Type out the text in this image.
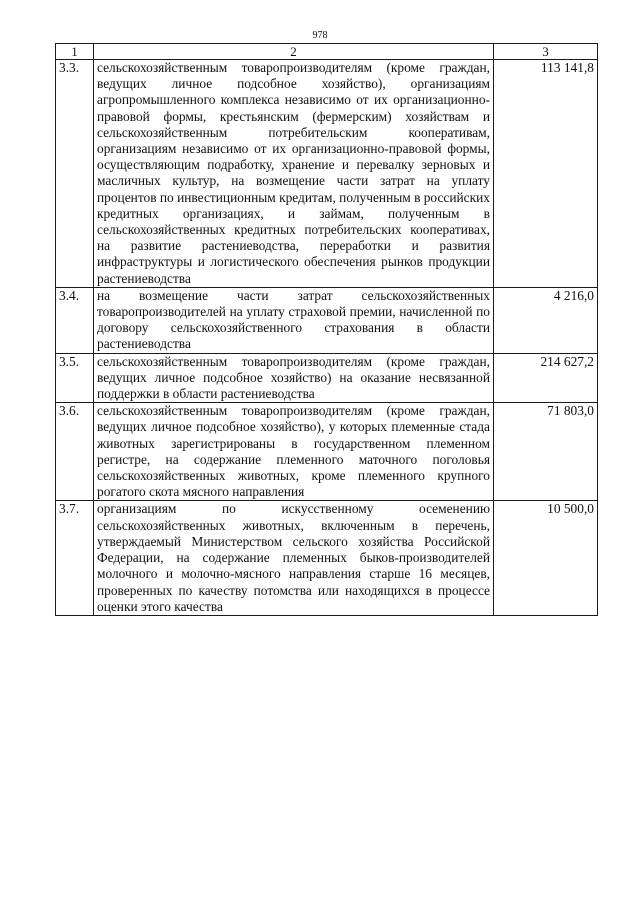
978
1	2	3
3.3.	сельскохозяйственным товаропроизводителям (кроме граждан, ведущих личное подсобное хозяйство), организациям агропромышленного комплекса независимо от их организационно-правовой формы, крестьянским (фермерским) хозяйствам и сельскохозяйственным потребительским кооперативам, организациям независимо от их организационно-правовой формы, осуществляющим подработку, хранение и перевалку зерновых и масличных культур, на возмещение части затрат на уплату процентов по инвестиционным кредитам, полученным в российских кредитных организациях, и займам, полученным в сельскохозяйственных кредитных потребительских кооперативах, на развитие растениеводства, переработки и развития инфраструктуры и логистического обеспечения рынков продукции растениеводства	113 141,8
3.4.	на возмещение части затрат сельскохозяйственных товаропроизводителей на уплату страховой премии, начисленной по договору сельскохозяйственного страхования в области растениеводства	4 216,0
3.5.	сельскохозяйственным товаропроизводителям (кроме граждан, ведущих личное подсобное хозяйство) на оказание несвязанной поддержки в области растениеводства	214 627,2
3.6.	сельскохозяйственным товаропроизводителям (кроме граждан, ведущих личное подсобное хозяйство), у которых племенные стада животных зарегистрированы в государственном племенном регистре, на содержание племенного маточного поголовья сельскохозяйственных животных, кроме племенного крупного рогатого скота мясного направления	71 803,0
3.7.	организациям по искусственному осеменению сельскохозяйственных животных, включенным в перечень, утверждаемый Министерством сельского хозяйства Российской Федерации, на содержание племенных быков-производителей молочного и молочно-мясного направления старше 16 месяцев, проверенных по качеству потомства или находящихся в процессе оценки этого качества	10 500,0
